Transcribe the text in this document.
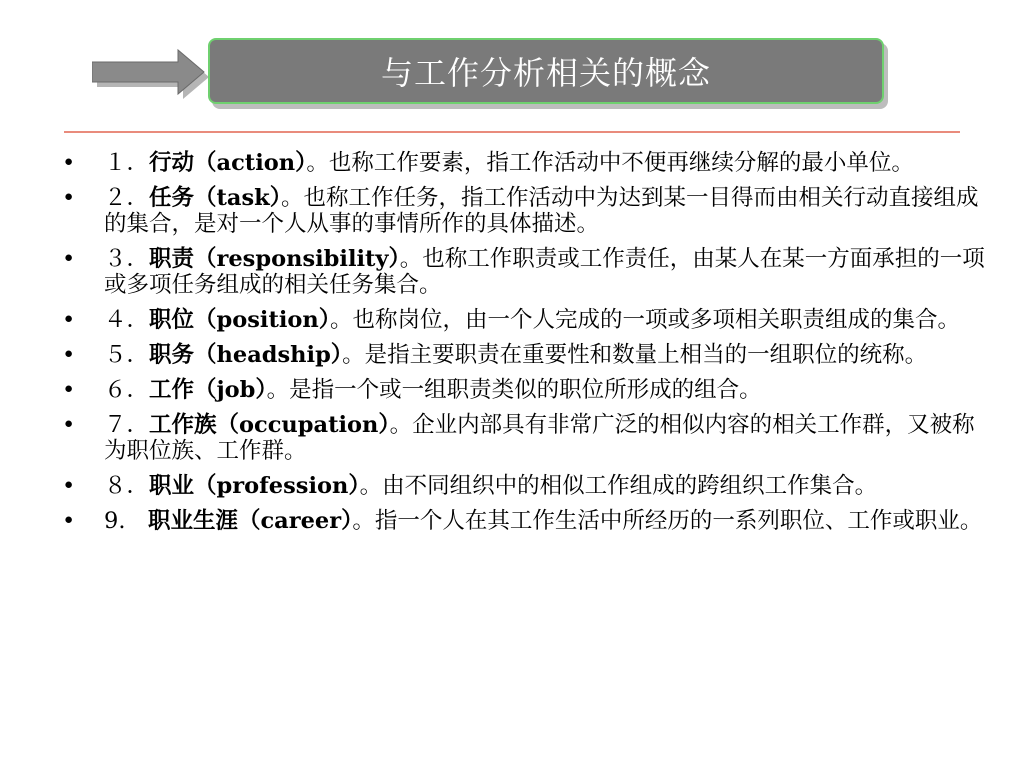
与工作分析相关的概念
• １．行动（action）。也称工作要素，指工作活动中不便再继续分解的最小单位。
• ２．任务（task）。也称工作任务，指工作活动中为达到某一目得而由相关行动直接组成的集合，是对一个人从事的事情所作的具体描述。
• ３．职责（responsibility）。也称工作职责或工作责任，由某人在某一方面承担的一项或多项任务组成的相关任务集合。
• ４．职位（position）。也称岗位，由一个人完成的一项或多项相关职责组成的集合。
• ５．职务（headship）。是指主要职责在重要性和数量上相当的一组职位的统称。
• ６．工作（job）。是指一个或一组职责类似的职位所形成的组合。
• ７．工作族（occupation）。企业内部具有非常广泛的相似内容的相关工作群，又被称为职位族、工作群。
• ８．职业（profession）。由不同组织中的相似工作组成的跨组织工作集合。
• 9.　职业生涯（career）。指一个人在其工作生活中所经历的一系列职位、工作或职业。
